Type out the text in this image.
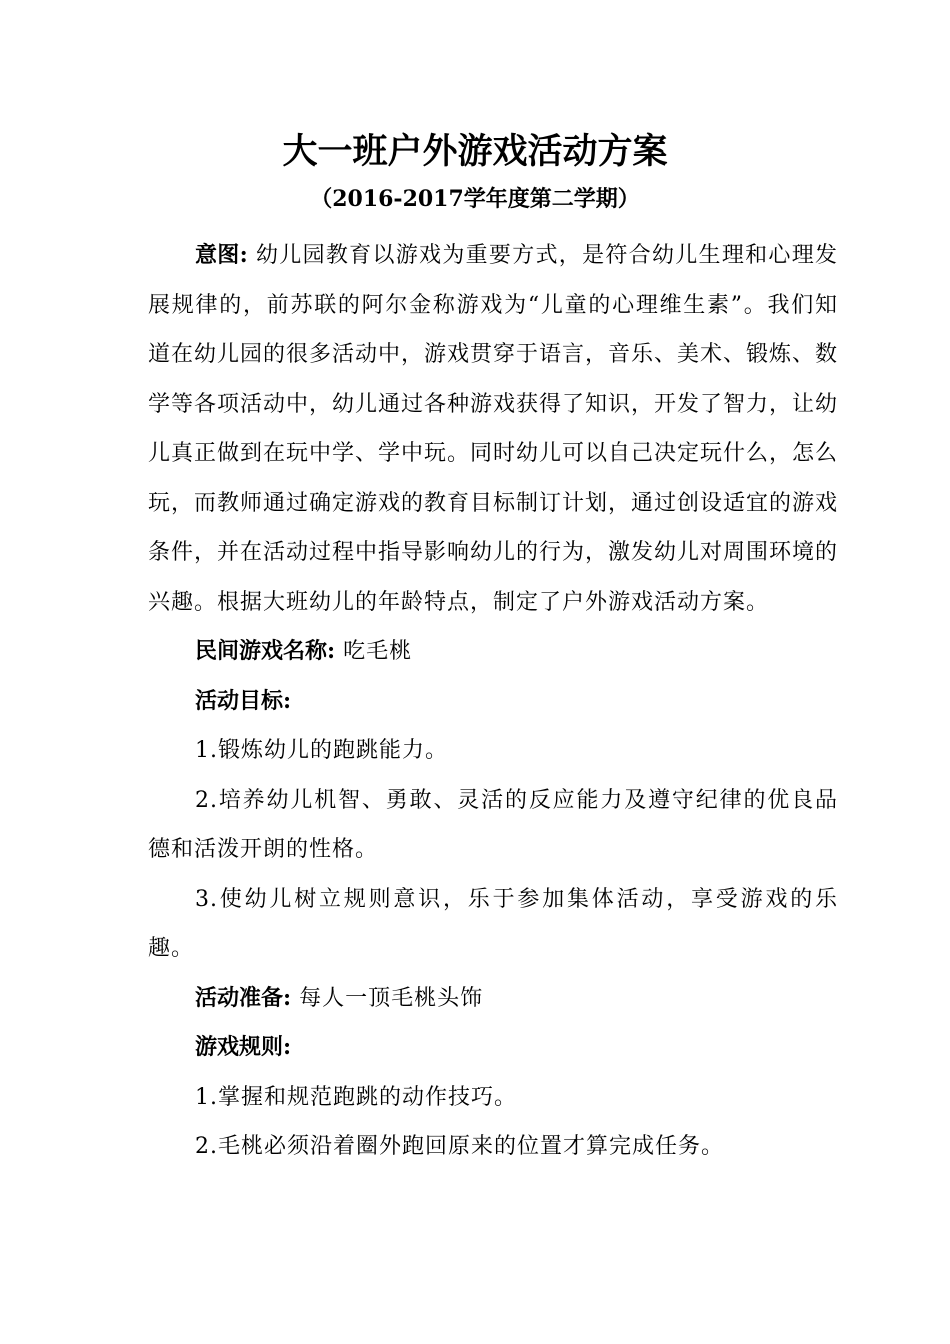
大一班户外游戏活动方案

（2016-2017学年度第二学期）

意图: 幼儿园教育以游戏为重要方式，是符合幼儿生理和心理发展规律的，前苏联的阿尔金称游戏为“儿童的心理维生素”。我们知道在幼儿园的很多活动中，游戏贯穿于语言，音乐、美术、锻炼、数学等各项活动中，幼儿通过各种游戏获得了知识，开发了智力，让幼儿真正做到在玩中学、学中玩。同时幼儿可以自己决定玩什么，怎么玩，而教师通过确定游戏的教育目标制订计划，通过创设适宜的游戏条件，并在活动过程中指导影响幼儿的行为，激发幼儿对周围环境的兴趣。根据大班幼儿的年龄特点，制定了户外游戏活动方案。

民间游戏名称: 吃毛桃

活动目标:

1.锻炼幼儿的跑跳能力。

2.培养幼儿机智、勇敢、灵活的反应能力及遵守纪律的优良品德和活泼开朗的性格。

3.使幼儿树立规则意识，乐于参加集体活动，享受游戏的乐趣。

活动准备: 每人一顶毛桃头饰

游戏规则:

1.掌握和规范跑跳的动作技巧。

2.毛桃必须沿着圈外跑回原来的位置才算完成任务。
